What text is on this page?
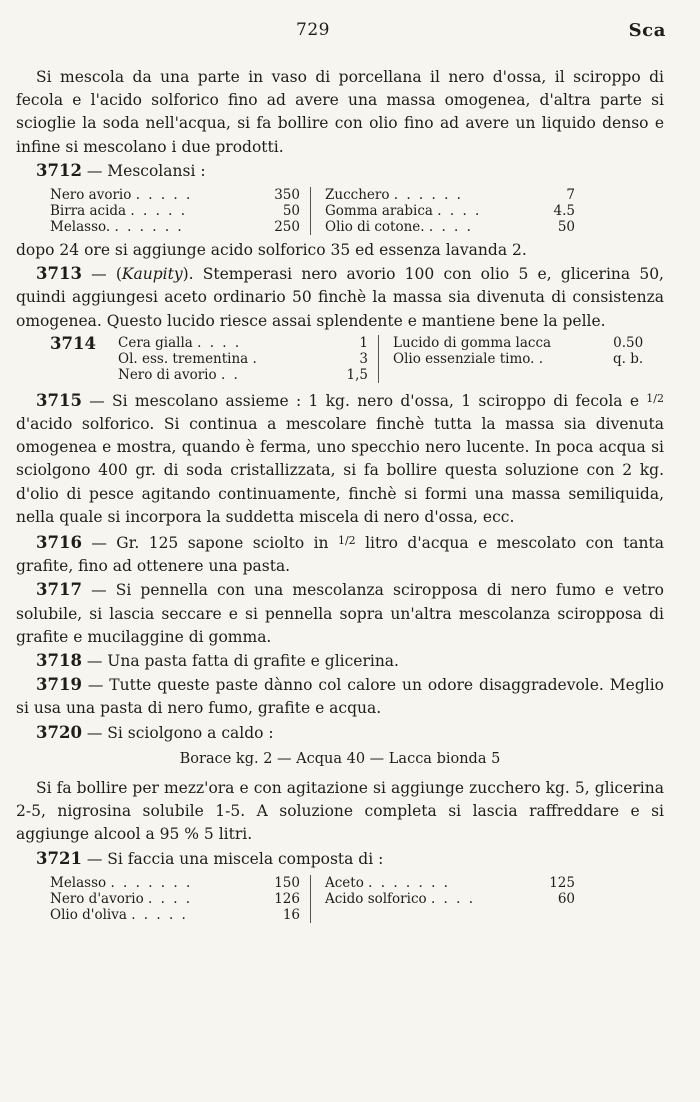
729	Sca

Si mescola da una parte in vaso di porcellana il nero d'ossa, il sciroppo di fecola e l'acido solforico fino ad avere una massa omogenea, d'altra parte si scioglie la soda nell'acqua, si fa bollire con olio fino ad avere un liquido denso e infine si mescolano i due prodotti.

3712 — Mescolansi :

Nero avorio . . . . .	350		Zucchero . . . . . .	7
Birra acida . . . . .	50		Gomma arabica . . . .	4.5
Melasso. . . . . . .	250		Olio di cotone. . . . .	50

dopo 24 ore si aggiunge acido solforico 35 ed essenza lavanda 2.

3713 — (Kaupity). Stemperasi nero avorio 100 con olio 5 e, glicerina 50, quindi aggiungesi aceto ordinario 50 finchè la massa sia divenuta di consistenza omogenea. Questo lucido riesce assai splendente e mantiene bene la pelle.

3714	Cera gialla . . . .	1		Lucido di gomma lacca	0.50
Ol. ess. trementina .	3		Olio essenziale timo. .	q. b.
Nero di avorio . .	1,5			

3715 — Si mescolano assieme : 1 kg. nero d'ossa, 1 sciroppo di fecola e $^{1/2}$ d'acido solforico. Si continua a mescolare finchè tutta la massa sia divenuta omogenea e mostra, quando è ferma, uno specchio nero lucente. In poca acqua si sciolgono 400 gr. di soda cristallizzata, si fa bollire questa soluzione con 2 kg. d'olio di pesce agitando continuamente, finchè si formi una massa semiliquida, nella quale si incorpora la suddetta miscela di nero d'ossa, ecc.

3716 — Gr. 125 sapone sciolto in $^{1/2}$ litro d'acqua e mescolato con tanta grafite, fino ad ottenere una pasta.

3717 — Si pennella con una mescolanza sciropposa di nero fumo e vetro solubile, si lascia seccare e si pennella sopra un'altra mescolanza sciropposa di grafite e mucilaggine di gomma.

3718 — Una pasta fatta di grafite e glicerina.

3719 — Tutte queste paste dànno col calore un odore disaggradevole. Meglio si usa una pasta di nero fumo, grafite e acqua.

3720 — Si sciolgono a caldo :

Borace kg. 2 — Acqua 40 — Lacca bionda 5

Si fa bollire per mezz'ora e con agitazione si aggiunge zucchero kg. 5, glicerina 2-5, nigrosina solubile 1-5. A soluzione completa si lascia raffreddare e si aggiunge alcool a 95 % 5 litri.

3721 — Si faccia una miscela composta di :

Melasso . . . . . . .	150		Aceto . . . . . . .	125
Nero d'avorio . . . .	126		Acido solforico . . . .	60
Olio d'oliva . . . . .	16			
